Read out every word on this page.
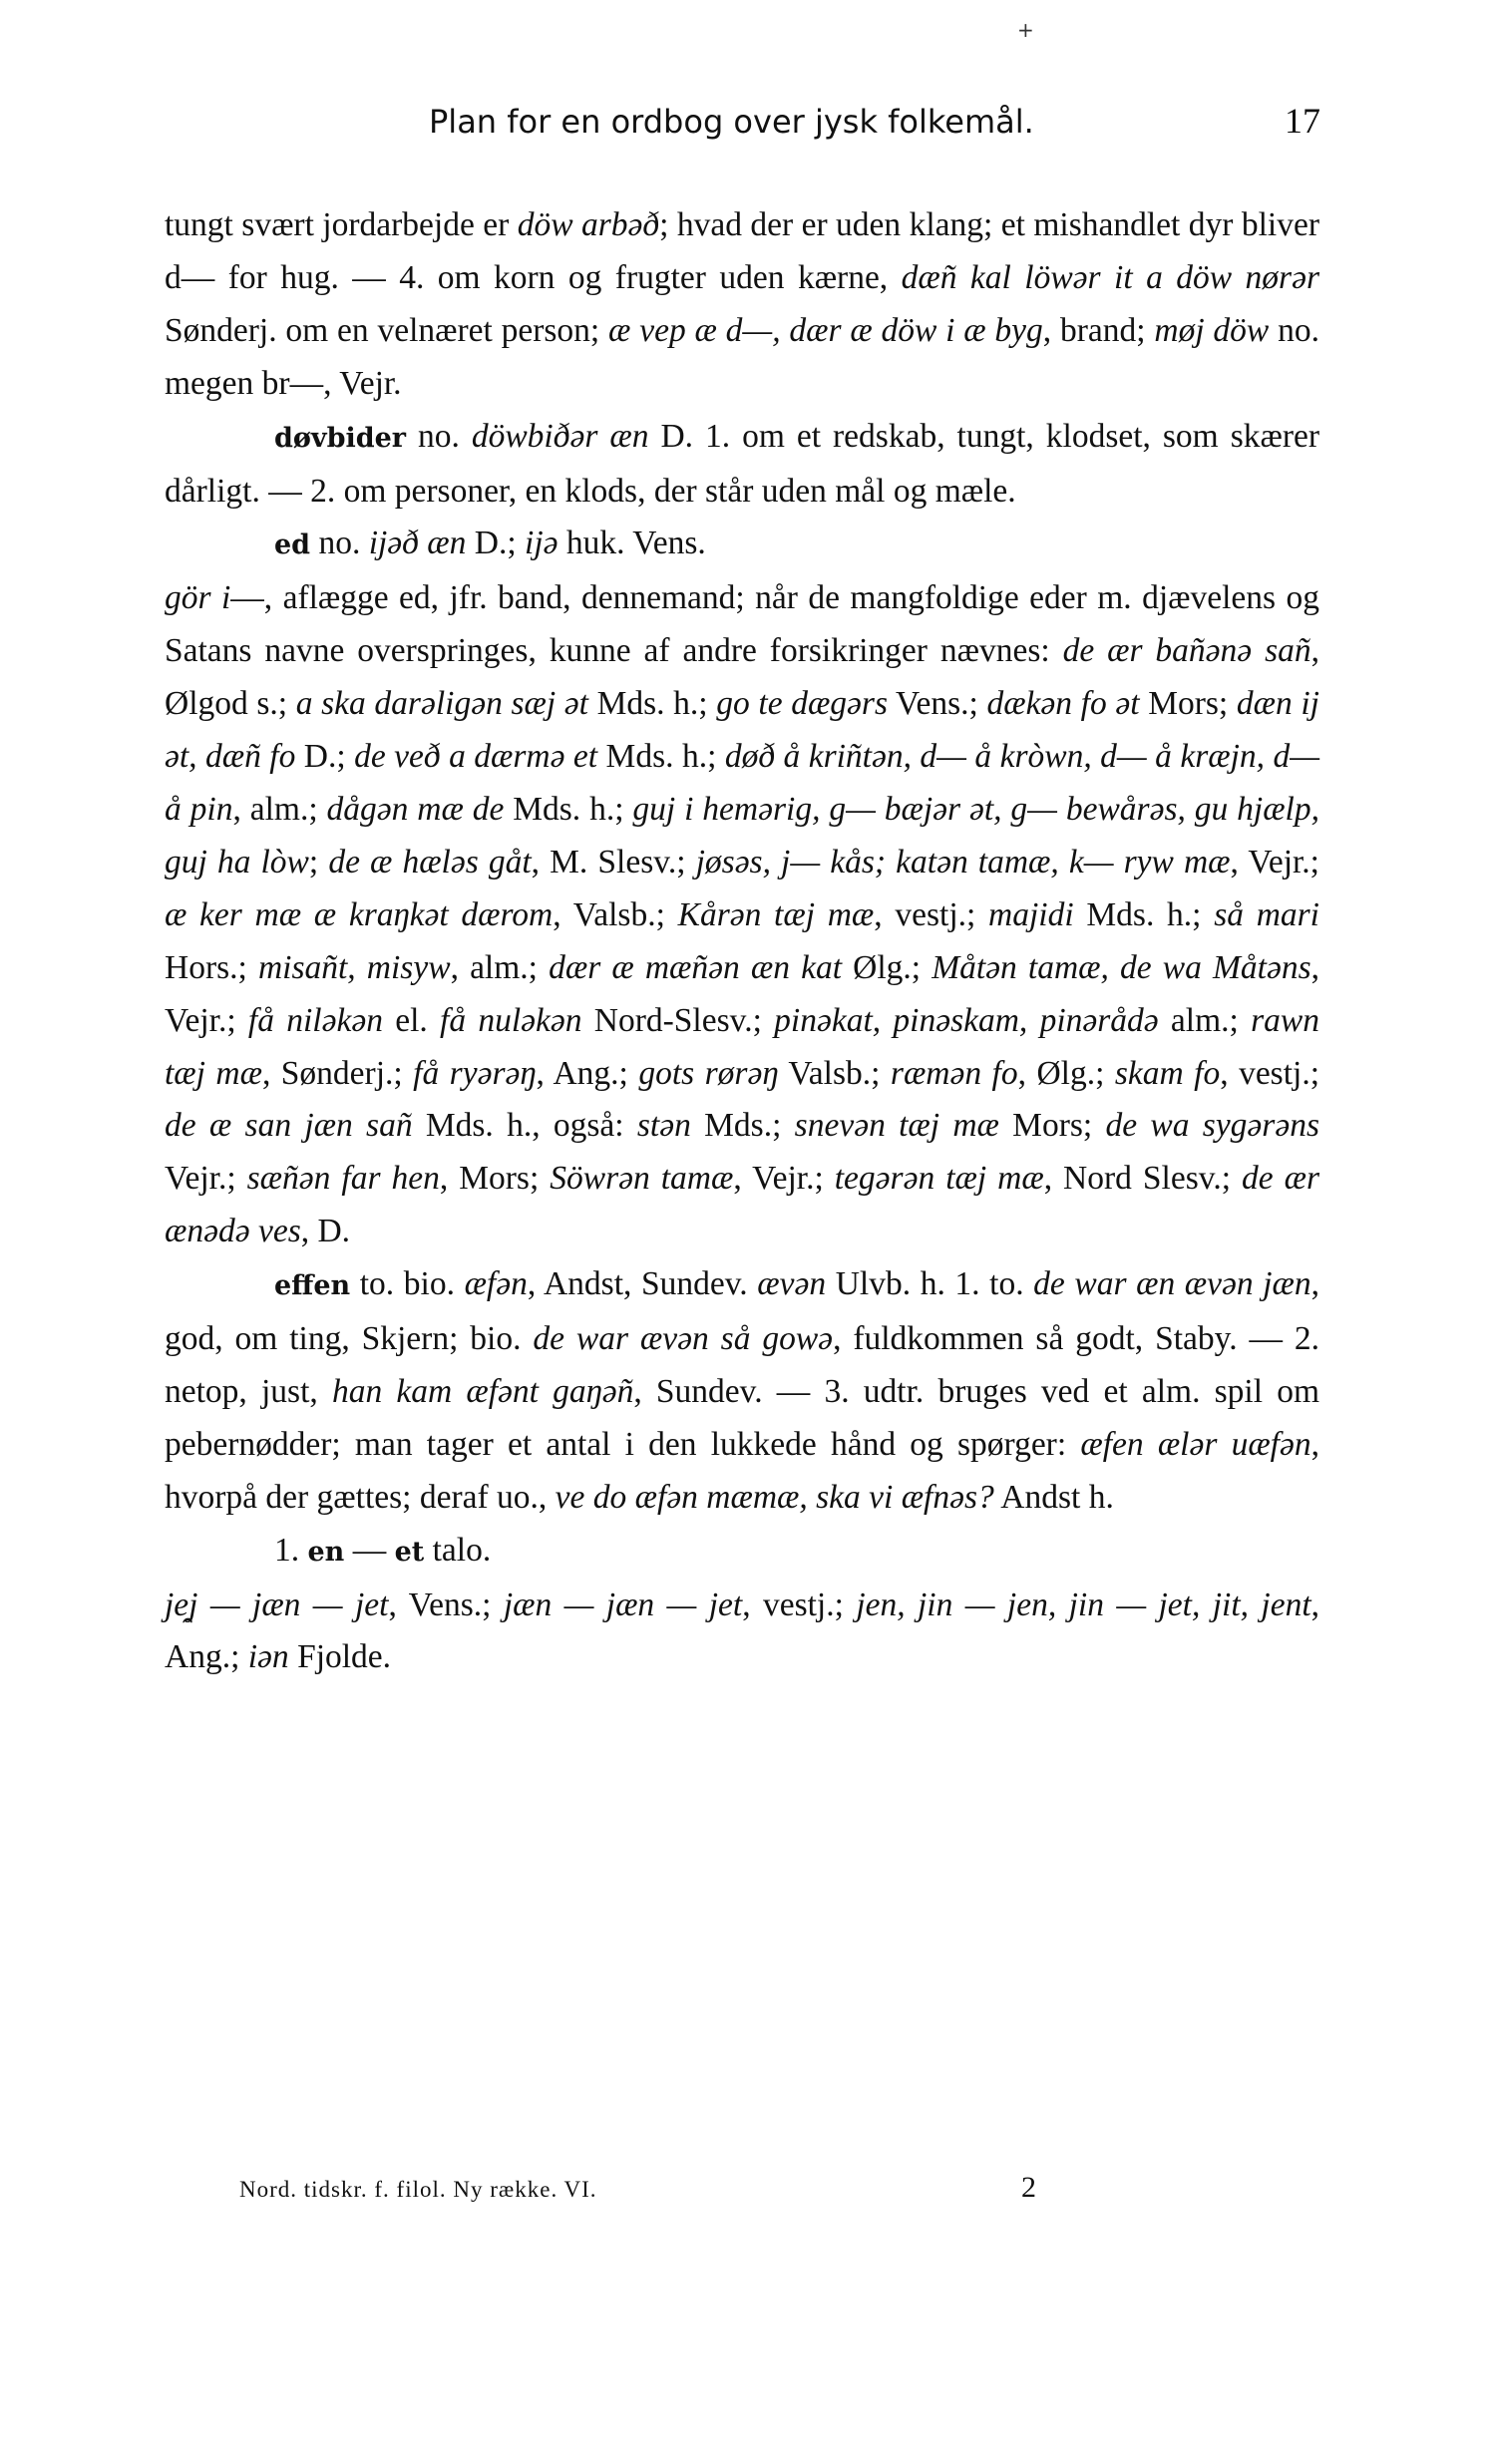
+
Plan for en ordbog over jysk folkemål.	17

tungt svært jordarbejde er döw arbəð; hvad der er uden klang; et mishandlet dyr bliver d— for hug. — 4. om korn og frugter uden kærne, dæñ kal löwər it a döw nørər Sønderj. om en velnæret person; æ vep æ d—, dær æ döw i æ byg, brand; møj döw no. megen br—, Vejr.

døvbider no. döwbiðər æn D. 1. om et redskab, tungt, klodset, som skærer dårligt. — 2. om personer, en klods, der står uden mål og mæle.

ed no. ijəð æn D.; ijə huk. Vens.

gör i—, aflægge ed, jfr. band, dennemand; når de mangfoldige eder m. djævelens og Satans navne overspringes, kunne af andre forsikringer nævnes: de ær bañənə sañ, Ølgod s.; a ska darəligən sæj ət Mds. h.; go te dægərs Vens.; dækən fo ət Mors; dæn ij ət, dæñ fo D.; de veð a dærmə et Mds. h.; døð å kriñtən, d— å kròwn, d— å kræjn, d— å pin, alm.; dågən mæ de Mds. h.; guj i hemərig, g— bæjər ət, g— bewårəs, gu hjælp, guj ha lòw; de æ hæləs gåt, M. Slesv.; jøsəs, j— kås; katən tamæ, k— ryw mæ, Vejr.; æ ker mæ æ kraŋkət dærom, Valsb.; Kårən tæj mæ, vestj.; majidi Mds. h.; så mari Hors.; misañt, misyw, alm.; dær æ mæñən æn kat Ølg.; Måtən tamæ, de wa Måtəns, Vejr.; få niləkən el. få nuləkən Nord-Slesv.; pinəkat, pinəskam, pinərådə alm.; rawn tæj mæ, Sønderj.; få ryərəŋ, Ang.; gots rørəŋ Valsb.; ræmən fo, Ølg.; skam fo, vestj.; de æ san jæn sañ Mds. h., også: stən Mds.; snevən tæj mæ Mors; de wa sygərəns Vejr.; sæñən far hen, Mors; Söwrən tamæ, Vejr.; tegərən tæj mæ, Nord Slesv.; de ær ænədə ves, D.

effen to. bio. æfən, Andst, Sundev. ævən Ulvb. h. 1. to. de war æn ævən jæn, god, om ting, Skjern; bio. de war ævən så gowə, fuldkommen så godt, Staby. — 2. netop, just, han kam æfənt gaŋəñ, Sundev. — 3. udtr. bruges ved et alm. spil om pebernødder; man tager et antal i den lukkede hånd og spørger: æfen ælər uæfən, hvorpå der gættes; deraf uo., ve do æfən mæmæ, ska vi æfnəs? Andst h.

1. en — et talo.

je̯j — jæn — jet, Vens.; jæn — jæn — jet, vestj.; jen, jin — jen, jin — jet, jit, jent, Ang.; iən Fjolde.

Nord. tidskr. f. filol. Ny række. VI.	2
